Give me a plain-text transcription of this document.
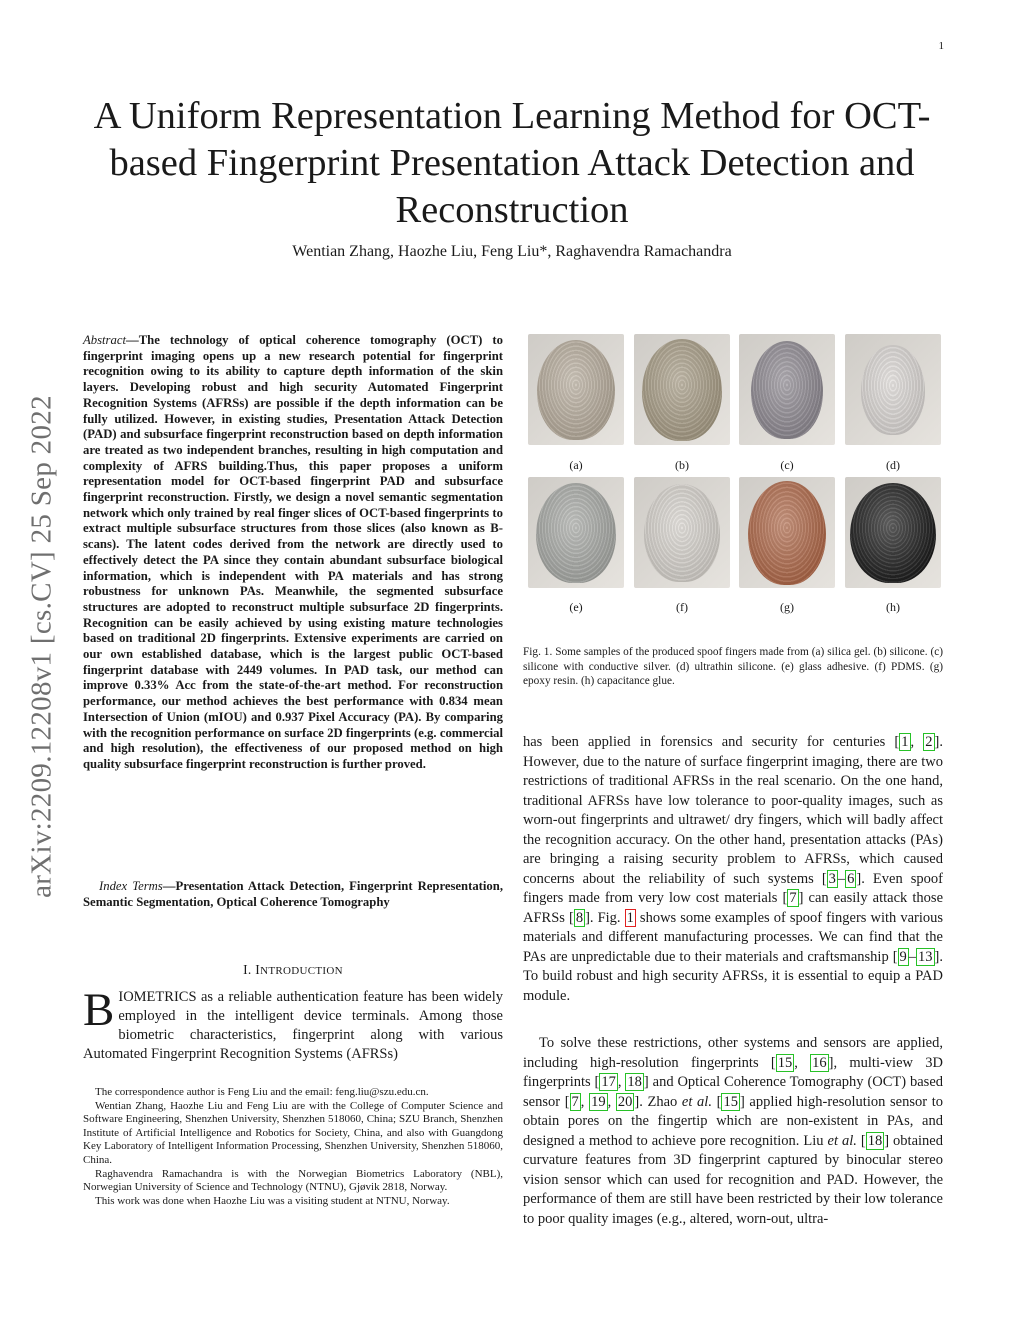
1
arXiv:2209.12208v1 [cs.CV] 25 Sep 2022
A Uniform Representation Learning Method for OCT-based Fingerprint Presentation Attack Detection and Reconstruction
Wentian Zhang, Haozhe Liu, Feng Liu*, Raghavendra Ramachandra
Abstract—The technology of optical coherence tomography (OCT) to fingerprint imaging opens up a new research potential for fingerprint recognition owing to its ability to capture depth information of the skin layers. Developing robust and high security Automated Fingerprint Recognition Systems (AFRSs) are possible if the depth information can be fully utilized. However, in existing studies, Presentation Attack Detection (PAD) and subsurface fingerprint reconstruction based on depth information are treated as two independent branches, resulting in high computation and complexity of AFRS building.Thus, this paper proposes a uniform representation model for OCT-based fingerprint PAD and subsurface fingerprint reconstruction. Firstly, we design a novel semantic segmentation network which only trained by real finger slices of OCT-based fingerprints to extract multiple subsurface structures from those slices (also known as B-scans). The latent codes derived from the network are directly used to effectively detect the PA since they contain abundant subsurface biological information, which is independent with PA materials and has strong robustness for unknown PAs. Meanwhile, the segmented subsurface structures are adopted to reconstruct multiple subsurface 2D fingerprints. Recognition can be easily achieved by using existing mature technologies based on traditional 2D fingerprints. Extensive experiments are carried on our own established database, which is the largest public OCT-based fingerprint database with 2449 volumes. In PAD task, our method can improve 0.33% Acc from the state-of-the-art method. For reconstruction performance, our method achieves the best performance with 0.834 mean Intersection of Union (mIOU) and 0.937 Pixel Accuracy (PA). By comparing with the recognition performance on surface 2D fingerprints (e.g. commercial and high resolution), the effectiveness of our proposed method on high quality subsurface fingerprint reconstruction is further proved.
Index Terms—Presentation Attack Detection, Fingerprint Representation, Semantic Segmentation, Optical Coherence Tomography
I. INTRODUCTION
BIOMETRICS as a reliable authentication feature has been widely employed in the intelligent device terminals. Among those biometric characteristics, fingerprint along with various Automated Fingerprint Recognition Systems (AFRSs)

The correspondence author is Feng Liu and the email: feng.liu@szu.edu.cn.

Wentian Zhang, Haozhe Liu and Feng Liu are with the College of Computer Science and Software Engineering, Shenzhen University, Shenzhen 518060, China; SZU Branch, Shenzhen Institute of Artificial Intelligence and Robotics for Society, China, and also with Guangdong Key Laboratory of Intelligent Information Processing, Shenzhen University, Shenzhen 518060, China.

Raghavendra Ramachandra is with the Norwegian Biometrics Laboratory (NBL), Norwegian University of Science and Technology (NTNU), Gjøvik 2818, Norway.

This work was done when Haozhe Liu was a visiting student at NTNU, Norway.

(a)	(b)	(c)	(d)
(e)	(f)	(g)	(h)
Fig. 1. Some samples of the produced spoof fingers made from (a) silica gel. (b) silicone. (c) silicone with conductive silver. (d) ultrathin silicone. (e) glass adhesive. (f) PDMS. (g) epoxy resin. (h) capacitance glue.
has been applied in forensics and security for centuries [ 1 , 2 ]. However, due to the nature of surface fingerprint imaging, there are two restrictions of traditional AFRSs in the real scenario. On the one hand, traditional AFRSs have low tolerance to poor-quality images, such as worn-out fingerprints and ultrawet/ dry fingers, which will badly affect the recognition accuracy. On the other hand, presentation attacks (PAs) are bringing a raising security problem to AFRSs, which caused concerns about the reliability of such systems [ 3 – 6 ]. Even spoof fingers made from very low cost materials [ 7 ] can easily attack those AFRSs [ 8 ]. Fig. 1 shows some examples of spoof fingers with various materials and different manufacturing processes. We can find that the PAs are unpredictable due to their materials and craftsmanship [ 9 – 13 ]. To build robust and high security AFRSs, it is essential to equip a PAD module.
To solve these restrictions, other systems and sensors are applied, including high-resolution fingerprints [ 15 , 16 ], multi-view 3D fingerprints [ 17 , 18 ] and Optical Coherence Tomography (OCT) based sensor [ 7 , 19 , 20 ]. Zhao et al. [ 15 ] applied high-resolution sensor to obtain pores on the fingertip which are non-existent in PAs, and designed a method to achieve pore recognition. Liu et al. [ 18 ] obtained curvature features from 3D fingerprint captured by binocular stereo vision sensor which can used for recognition and PAD. However, the performance of them are still have been restricted by their low tolerance to poor quality images (e.g., altered, worn-out, ultra-
